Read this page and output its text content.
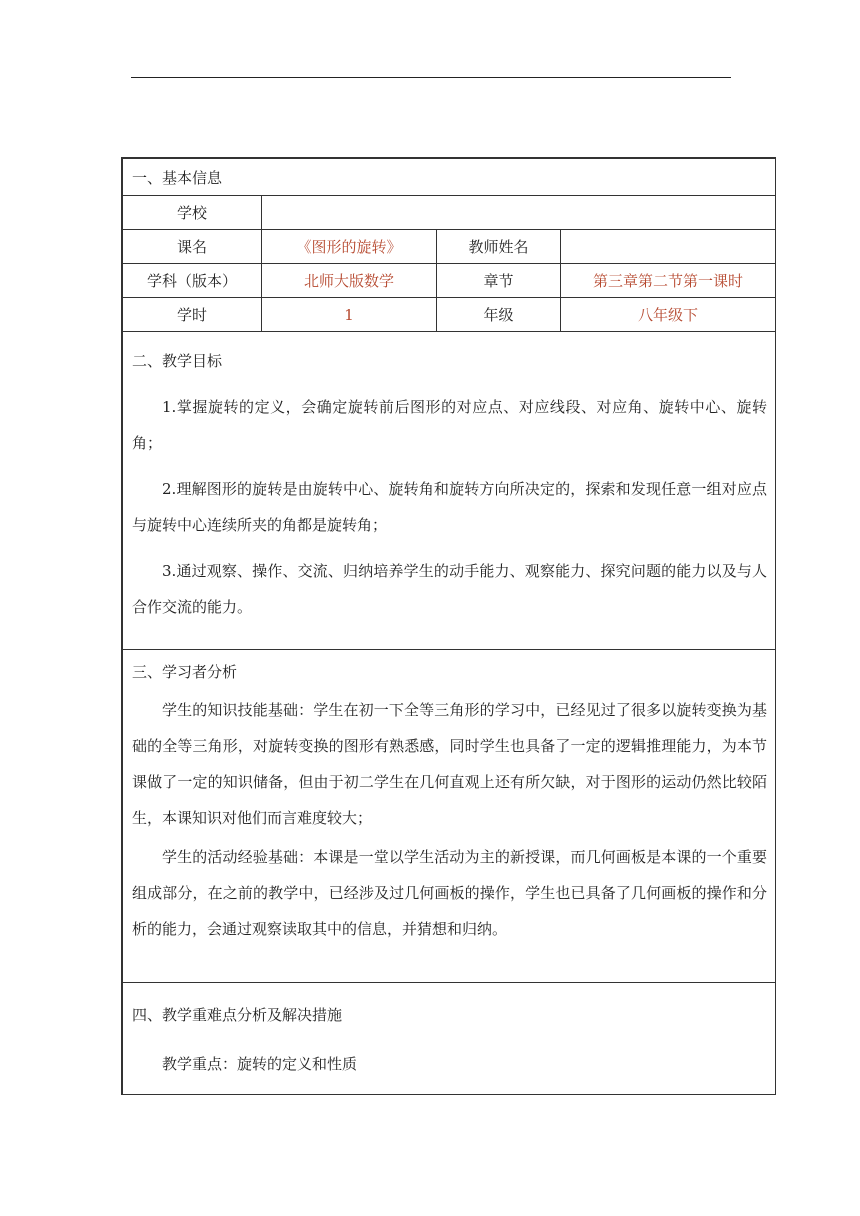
一、基本信息
学校
课名	《图形的旋转》	教师姓名
学科（版本）	北师大版数学	章节	第三章第二节第一课时
学时	1	年级	八年级下
二、教学目标

1.掌握旋转的定义，会确定旋转前后图形的对应点、对应线段、对应角、旋转中心、旋转角；

2.理解图形的旋转是由旋转中心、旋转角和旋转方向所决定的，探索和发现任意一组对应点与旋转中心连续所夹的角都是旋转角；

3.通过观察、操作、交流、归纳培养学生的动手能力、观察能力、探究问题的能力以及与人合作交流的能力。

三、学习者分析

学生的知识技能基础：学生在初一下全等三角形的学习中，已经见过了很多以旋转变换为基础的全等三角形，对旋转变换的图形有熟悉感，同时学生也具备了一定的逻辑推理能力，为本节课做了一定的知识储备，但由于初二学生在几何直观上还有所欠缺，对于图形的运动仍然比较陌生，本课知识对他们而言难度较大；

学生的活动经验基础：本课是一堂以学生活动为主的新授课，而几何画板是本课的一个重要组成部分，在之前的教学中，已经涉及过几何画板的操作，学生也已具备了几何画板的操作和分析的能力，会通过观察读取其中的信息，并猜想和归纳。

四、教学重难点分析及解决措施

教学重点：旋转的定义和性质
